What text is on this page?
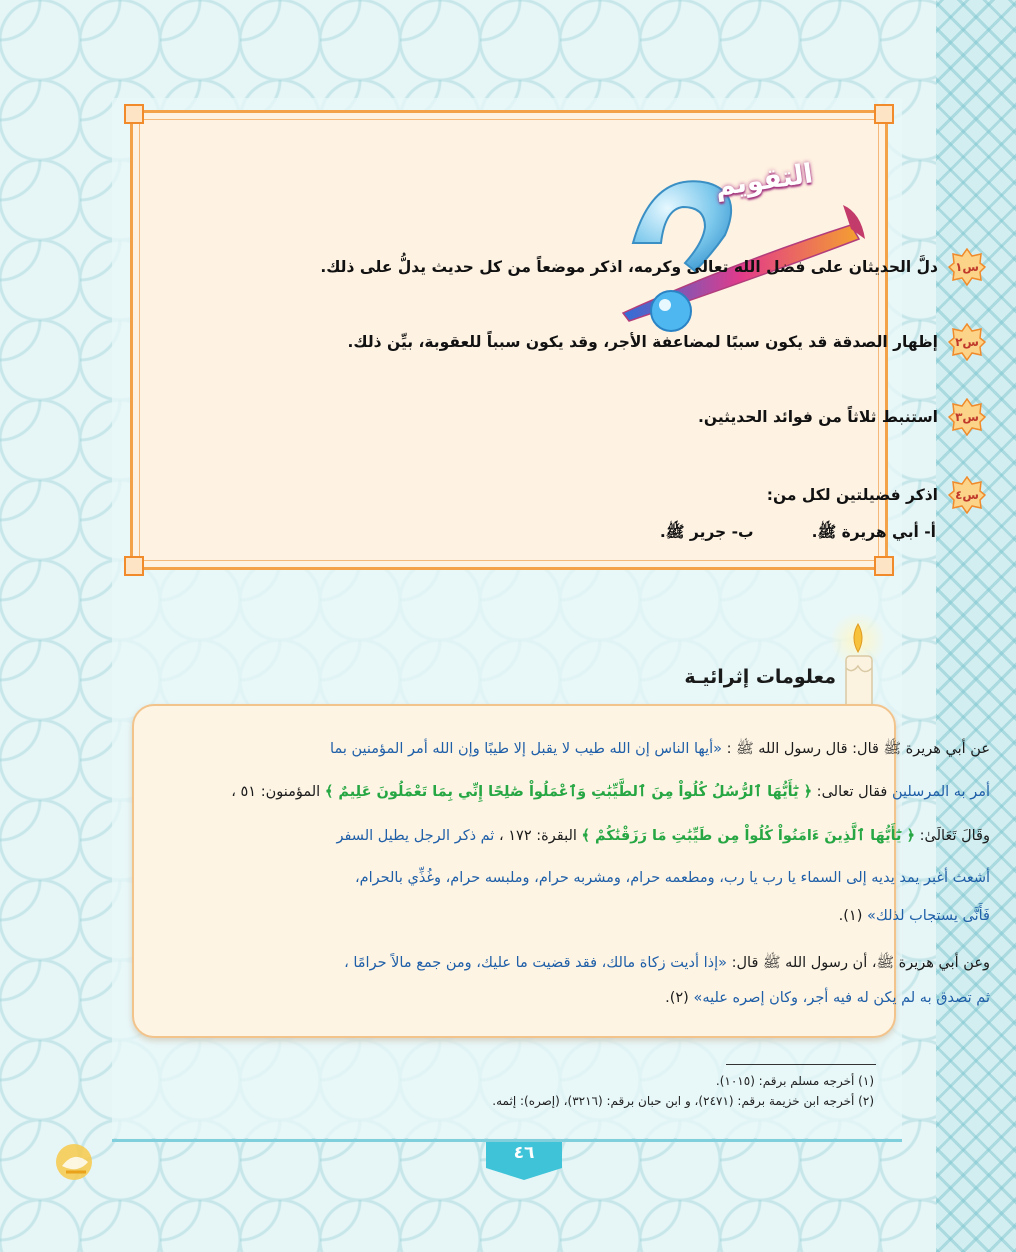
التقويم
س١
دلَّ الحديثان على فضل الله تعالى وكرمه، اذكر موضعاً من كل حديث يدلُّ على ذلك.
س٢
إظهار الصدقة قد يكون سببًا لمضاعفة الأجر، وقد يكون سبباً للعقوبة، بيِّن ذلك.
س٣
استنبط ثلاثاً من فوائد الحديثين.
س٤
اذكر فضيلتين لكل من:
أ- أبي هريرة ﷺ.
ب- جرير ﷺ.
معلومات إثرائيـة
عن أبي هريرة ﷺ قال: قال رسول الله ﷺ : «أيها الناس إن الله طيب لا يقبل إلا طيبًا وإن الله أمر المؤمنين بما
أمر به المرسلين فقال تعالى: ﴿ يَٰٓأَيُّهَا ٱلرُّسُلُ كُلُواْ مِنَ ٱلطَّيِّبَٰتِ وَٱعْمَلُواْ صَٰلِحًا إِنِّي بِمَا تَعْمَلُونَ عَلِيمٌ ﴾ المؤمنون: ٥١ ،
وقَالَ تَعَالَىٰ: ﴿ يَٰٓأَيُّهَا ٱلَّذِينَ ءَامَنُواْ كُلُواْ مِن طَيِّبَٰتِ مَا رَزَقْنَٰكُمْ ﴾ البقرة: ١٧٢ ، ثم ذكر الرجل يطيل السفر
أشعث أغبر يمد يديه إلى السماء يا رب يا رب، ومطعمه حرام، ومشربه حرام، وملبسه حرام، وغُذِّي بالحرام،
فَأَنَّى يستجاب لذلك» (١).
وعن أبي هريرة ﷺ، أن رسول الله ﷺ قال: «إذا أديت زكاة مالك، فقد قضيت ما عليك، ومن جمع مالاً حرامًا ،
ثم تصدق به لم يكن له فيه أجر، وكان إصره عليه» (٢).
(١) أخرجه مسلم برقم: (١٠١٥).
(٢) أخرجه ابن خزيمة برقم: (٢٤٧١)، و ابن حبان برقم: (٣٢١٦)، (إصره): إثمه.
٤٦
